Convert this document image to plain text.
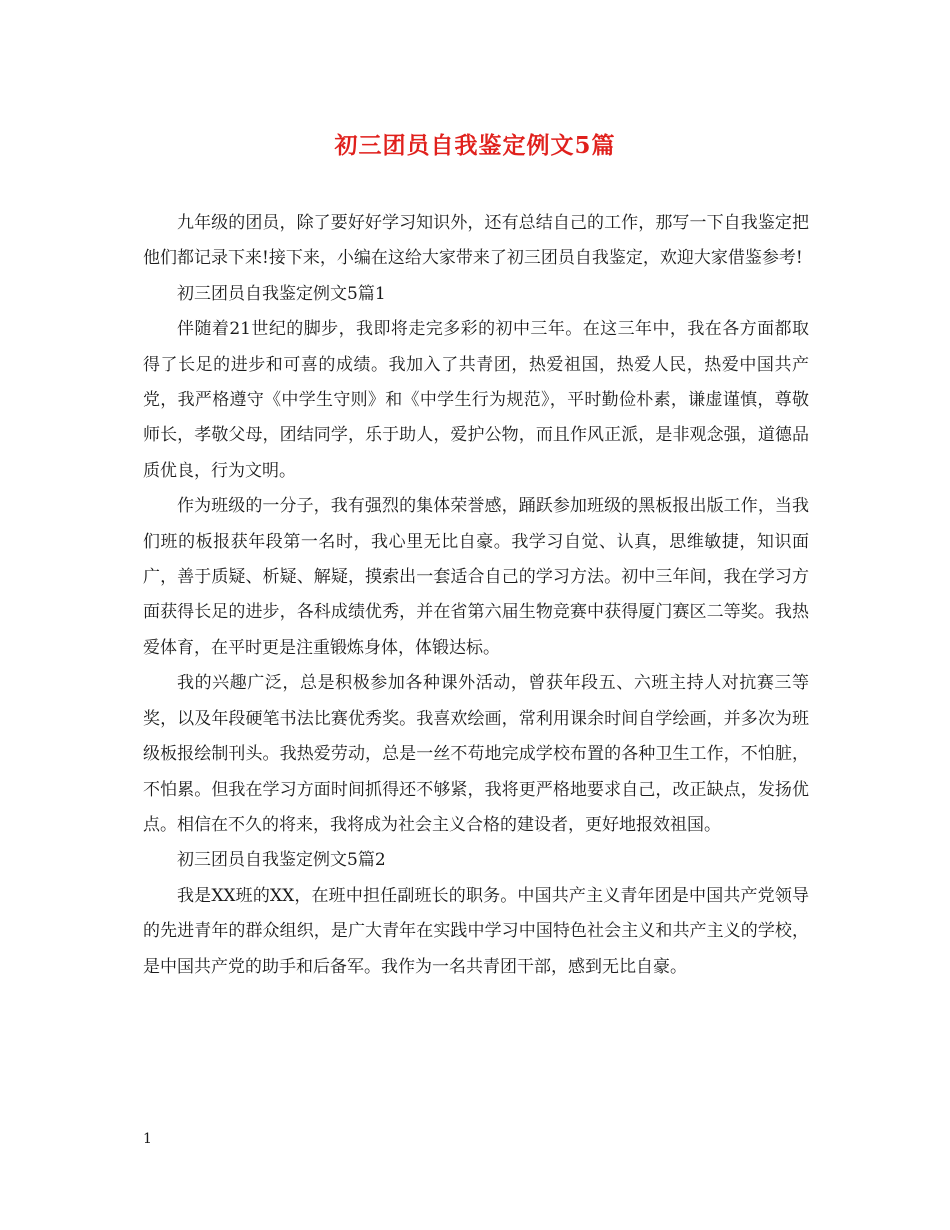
初三团员自我鉴定例文5篇

九年级的团员，除了要好好学习知识外，还有总结自己的工作，那写一下自我鉴定把他们都记录下来!接下来，小编在这给大家带来了初三团员自我鉴定，欢迎大家借鉴参考!

初三团员自我鉴定例文5篇1

伴随着21世纪的脚步，我即将走完多彩的初中三年。在这三年中，我在各方面都取得了长足的进步和可喜的成绩。我加入了共青团，热爱祖国，热爱人民，热爱中国共产党，我严格遵守《中学生守则》和《中学生行为规范》，平时勤俭朴素，谦虚谨慎，尊敬师长，孝敬父母，团结同学，乐于助人，爱护公物，而且作风正派，是非观念强，道德品质优良，行为文明。

作为班级的一分子，我有强烈的集体荣誉感，踊跃参加班级的黑板报出版工作，当我们班的板报获年段第一名时，我心里无比自豪。我学习自觉、认真，思维敏捷，知识面广，善于质疑、析疑、解疑，摸索出一套适合自己的学习方法。初中三年间，我在学习方面获得长足的进步，各科成绩优秀，并在省第六届生物竞赛中获得厦门赛区二等奖。我热爱体育，在平时更是注重锻炼身体，体锻达标。

我的兴趣广泛，总是积极参加各种课外活动，曾获年段五、六班主持人对抗赛三等奖，以及年段硬笔书法比赛优秀奖。我喜欢绘画，常利用课余时间自学绘画，并多次为班级板报绘制刊头。我热爱劳动，总是一丝不苟地完成学校布置的各种卫生工作，不怕脏，不怕累。但我在学习方面时间抓得还不够紧，我将更严格地要求自己，改正缺点，发扬优点。相信在不久的将来，我将成为社会主义合格的建设者，更好地报效祖国。

初三团员自我鉴定例文5篇2

我是XX班的XX，在班中担任副班长的职务。中国共产主义青年团是中国共产党领导的先进青年的群众组织，是广大青年在实践中学习中国特色社会主义和共产主义的学校，是中国共产党的助手和后备军。我作为一名共青团干部，感到无比自豪。

1
